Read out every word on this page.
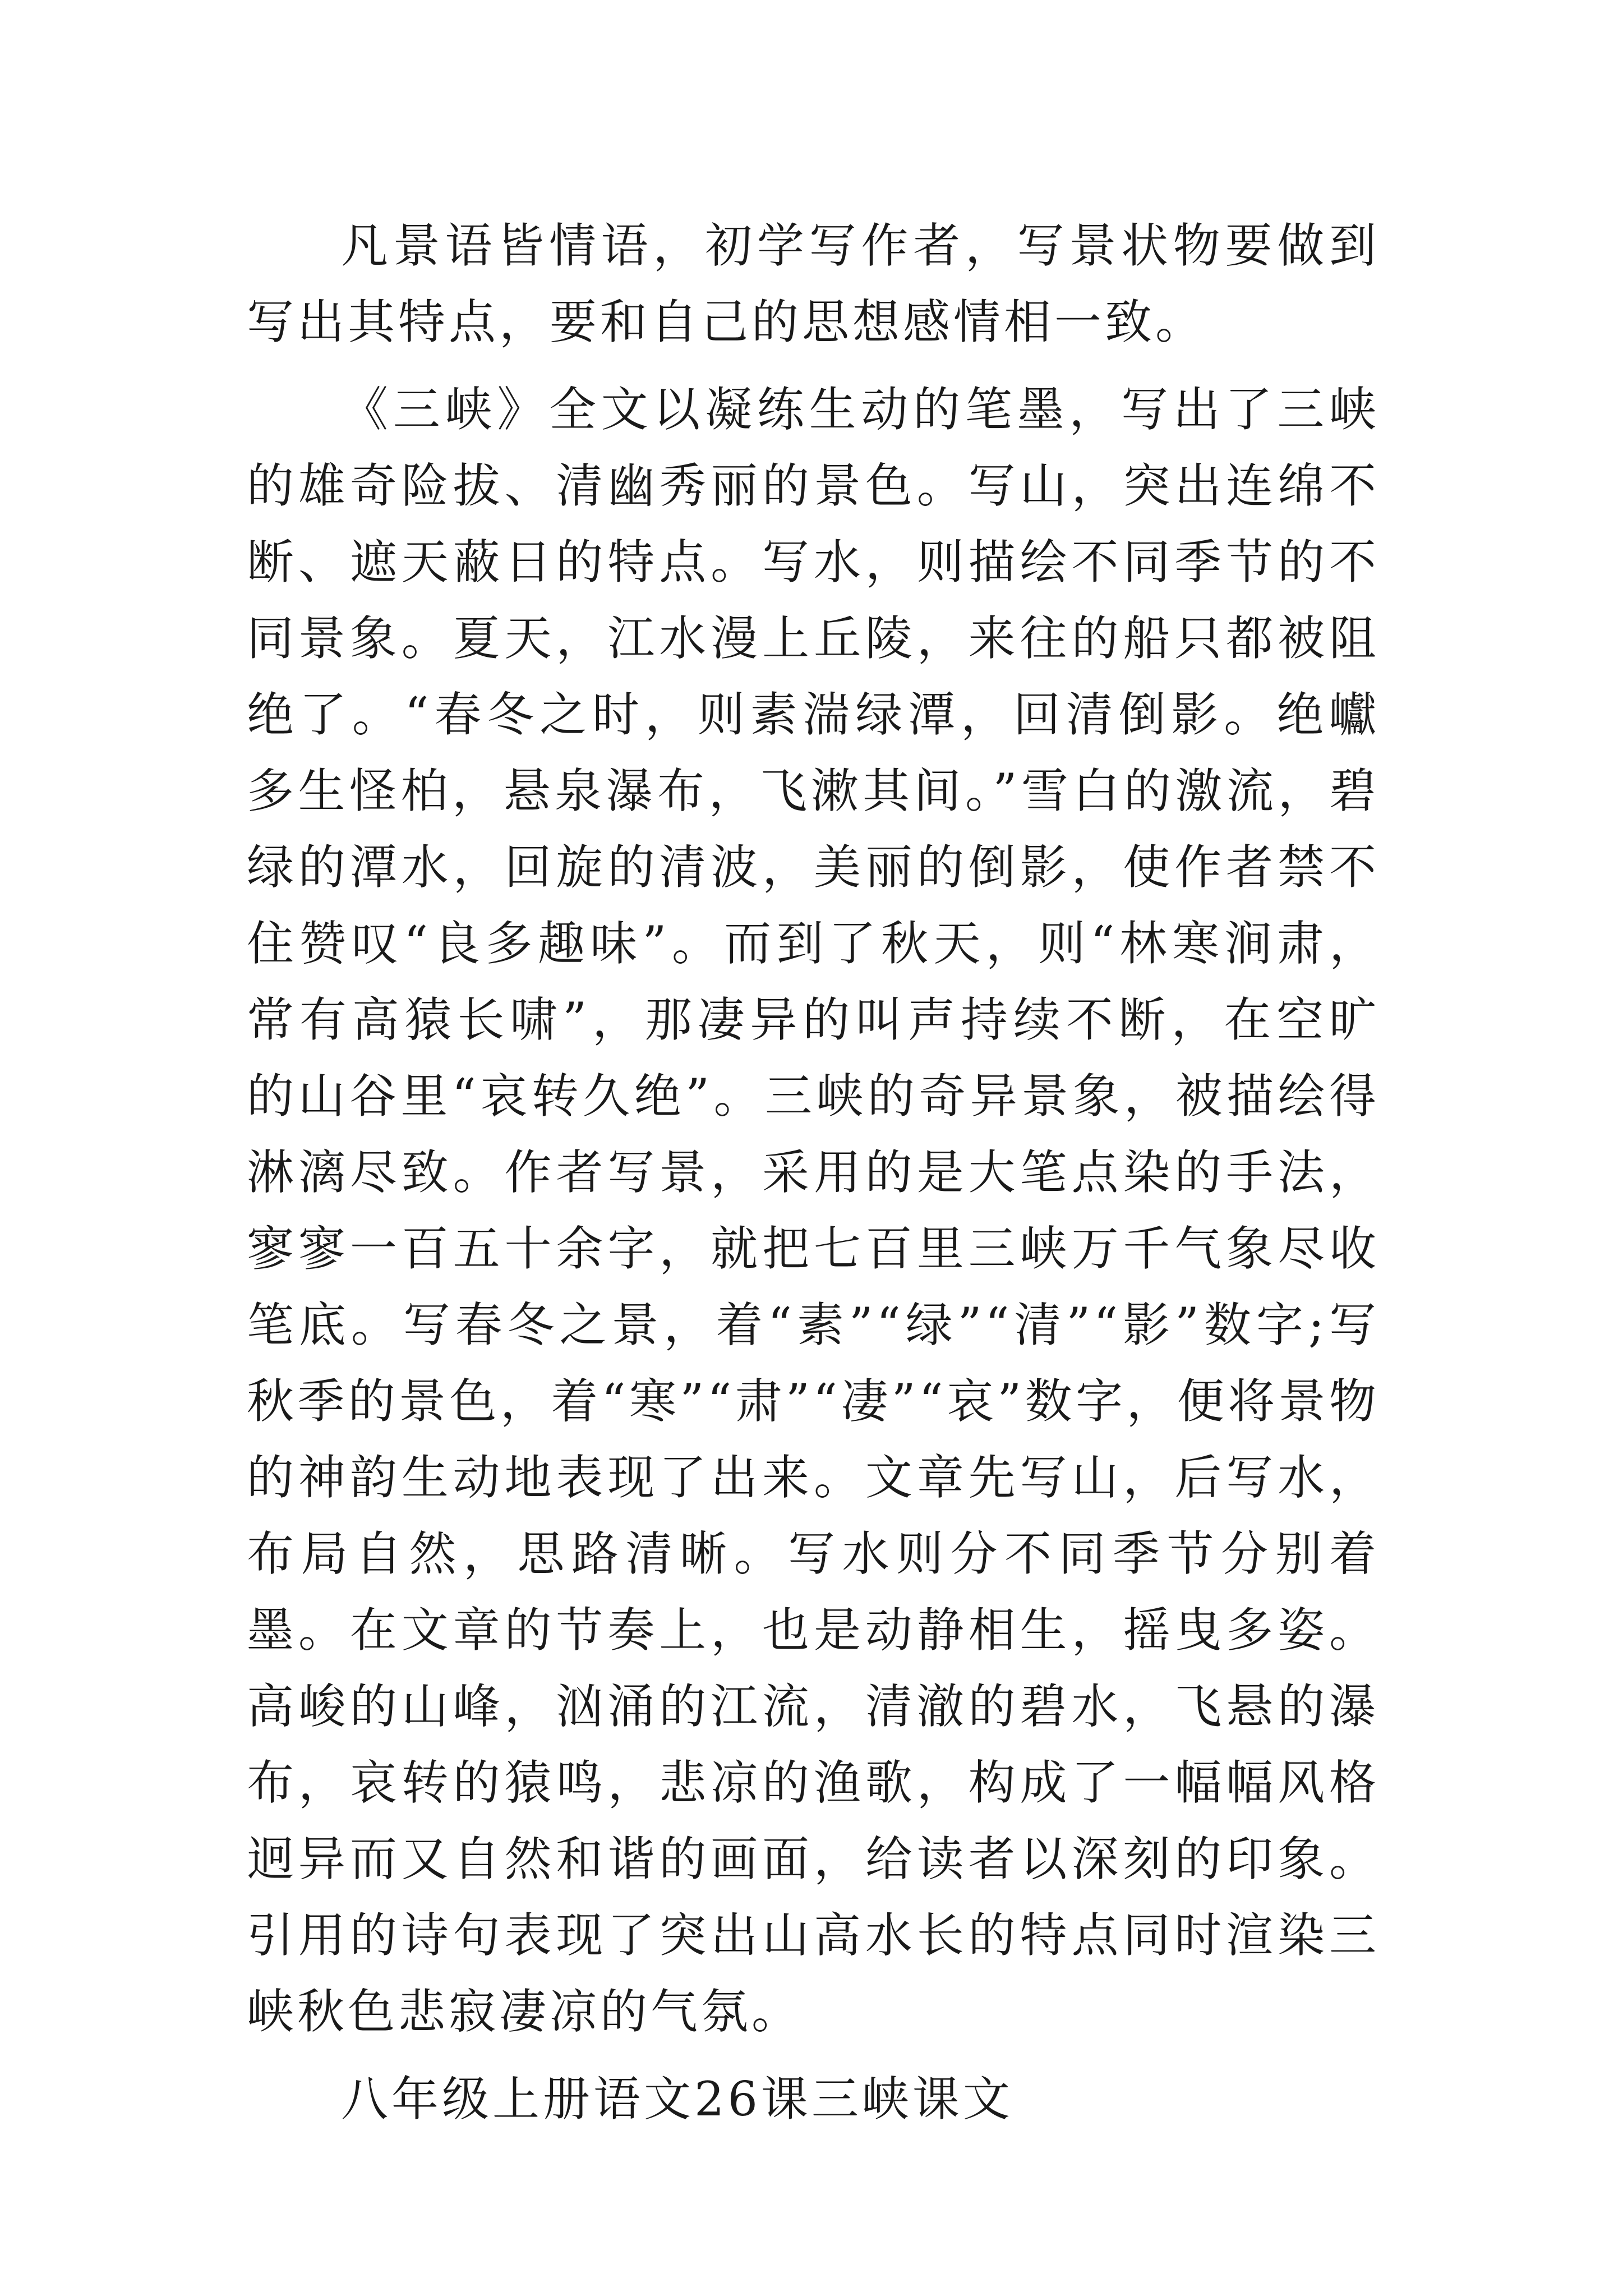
凡景语皆情语，初学写作者，写景状物要做到写出其特点，要和自己的思想感情相一致。

《三峡》全文以凝练生动的笔墨，写出了三峡的雄奇险拔、清幽秀丽的景色。写山，突出连绵不断、遮天蔽日的特点。写水，则描绘不同季节的不同景象。夏天，江水漫上丘陵，来往的船只都被阻绝了。“春冬之时，则素湍绿潭，回清倒影。绝巘多生怪柏，悬泉瀑布，飞漱其间。”雪白的激流，碧绿的潭水，回旋的清波，美丽的倒影，使作者禁不住赞叹“良多趣味”。而到了秋天，则“林寒涧肃，常有高猿长啸”，那凄异的叫声持续不断，在空旷的山谷里“哀转久绝”。三峡的奇异景象，被描绘得淋漓尽致。作者写景，采用的是大笔点染的手法，寥寥一百五十余字，就把七百里三峡万千气象尽收笔底。写春冬之景，着“素”“绿”“清”“影”数字;写秋季的景色，着“寒”“肃”“凄”“哀”数字，便将景物的神韵生动地表现了出来。文章先写山，后写水，布局自然，思路清晰。写水则分不同季节分别着墨。在文章的节奏上，也是动静相生，摇曳多姿。高峻的山峰，汹涌的江流，清澈的碧水，飞悬的瀑布，哀转的猿鸣，悲凉的渔歌，构成了一幅幅风格迥异而又自然和谐的画面，给读者以深刻的印象。引用的诗句表现了突出山高水长的特点同时渲染三峡秋色悲寂凄凉的气氛。

八年级上册语文26课三峡课文
